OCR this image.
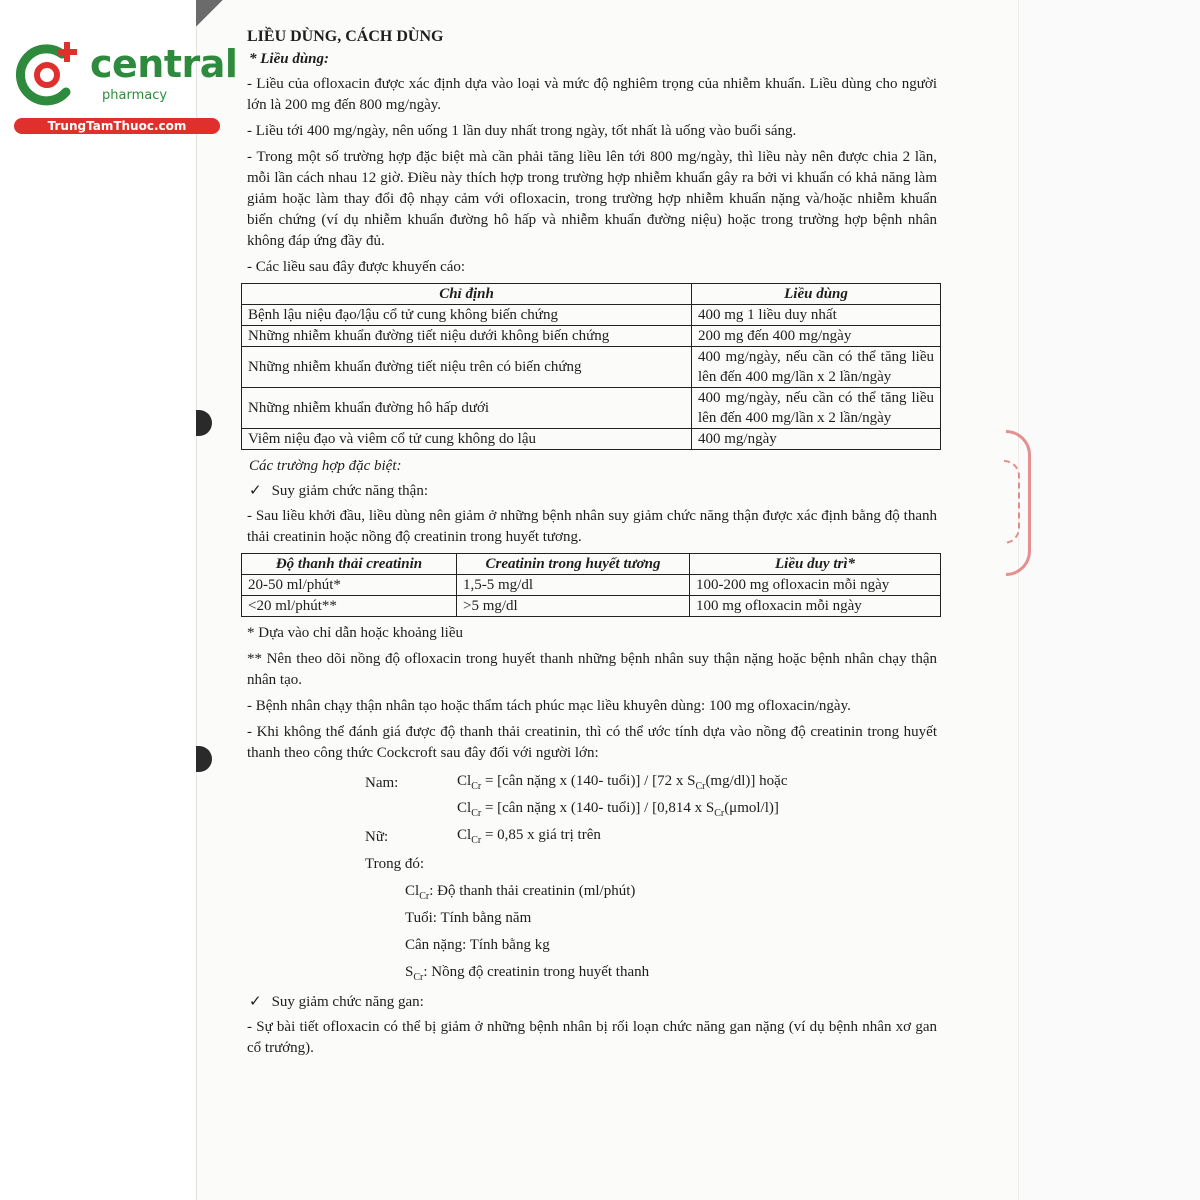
central
pharmacy
TrungTamThuoc.com
LIỀU DÙNG, CÁCH DÙNG
* Liều dùng:

- Liều của ofloxacin được xác định dựa vào loại và mức độ nghiêm trọng của nhiễm khuẩn. Liều dùng cho người lớn là 200 mg đến 800 mg/ngày.

- Liều tới 400 mg/ngày, nên uống 1 lần duy nhất trong ngày, tốt nhất là uống vào buổi sáng.

- Trong một số trường hợp đặc biệt mà cần phải tăng liều lên tới 800 mg/ngày, thì liều này nên được chia 2 lần, mỗi lần cách nhau 12 giờ. Điều này thích hợp trong trường hợp nhiễm khuẩn gây ra bởi vi khuẩn có khả năng làm giảm hoặc làm thay đổi độ nhạy cảm với ofloxacin, trong trường hợp nhiễm khuẩn nặng và/hoặc nhiễm khuẩn biến chứng (ví dụ nhiễm khuẩn đường hô hấp và nhiễm khuẩn đường niệu) hoặc trong trường hợp bệnh nhân không đáp ứng đầy đủ.

- Các liều sau đây được khuyến cáo:

Chỉ định	Liều dùng
Bệnh lậu niệu đạo/lậu cổ tử cung không biến chứng	400 mg 1 liều duy nhất
Những nhiễm khuẩn đường tiết niệu dưới không biến chứng	200 mg đến 400 mg/ngày
Những nhiễm khuẩn đường tiết niệu trên có biến chứng	400 mg/ngày, nếu cần có thể tăng liều lên đến 400 mg/lần x 2 lần/ngày
Những nhiễm khuẩn đường hô hấp dưới	400 mg/ngày, nếu cần có thể tăng liều lên đến 400 mg/lần x 2 lần/ngày
Viêm niệu đạo và viêm cổ tử cung không do lậu	400 mg/ngày
Các trường hợp đặc biệt:
✓ Suy giảm chức năng thận:

- Sau liều khởi đầu, liều dùng nên giảm ở những bệnh nhân suy giảm chức năng thận được xác định bằng độ thanh thải creatinin hoặc nồng độ creatinin trong huyết tương.

Độ thanh thải creatinin	Creatinin trong huyết tương	Liều duy trì*
20-50 ml/phút*	1,5-5 mg/dl	100-200 mg ofloxacin mỗi ngày
<20 ml/phút**	>5 mg/dl	100 mg ofloxacin mỗi ngày

* Dựa vào chỉ dẫn hoặc khoảng liều

** Nên theo dõi nồng độ ofloxacin trong huyết thanh những bệnh nhân suy thận nặng hoặc bệnh nhân chạy thận nhân tạo.

- Bệnh nhân chạy thận nhân tạo hoặc thẩm tách phúc mạc liều khuyên dùng: 100 mg ofloxacin/ngày.

- Khi không thể đánh giá được độ thanh thải creatinin, thì có thể ước tính dựa vào nồng độ creatinin trong huyết thanh theo công thức Cockcroft sau đây đối với người lớn:

Nam:	$Cl_{Cr}$ = [cân nặng x (140- tuổi)] / [72 x $S_{Cr}(mg/dl)$] hoặc
$Cl_{Cr}$ = [cân nặng x (140- tuổi)] / [0,814 x $S_{Cr}(\mu mol/l)$]
Nữ:	$Cl_{Cr} = 0,85$ x giá trị trên
Trong đó:
$Cl_{Cr}$: Độ thanh thải creatinin (ml/phút)
Tuổi: Tính bằng năm
Cân nặng: Tính bằng kg
$S_{Cr}$: Nồng độ creatinin trong huyết thanh
✓ Suy giảm chức năng gan:

- Sự bài tiết ofloxacin có thể bị giảm ở những bệnh nhân bị rối loạn chức năng gan nặng (ví dụ bệnh nhân xơ gan cổ trướng).
